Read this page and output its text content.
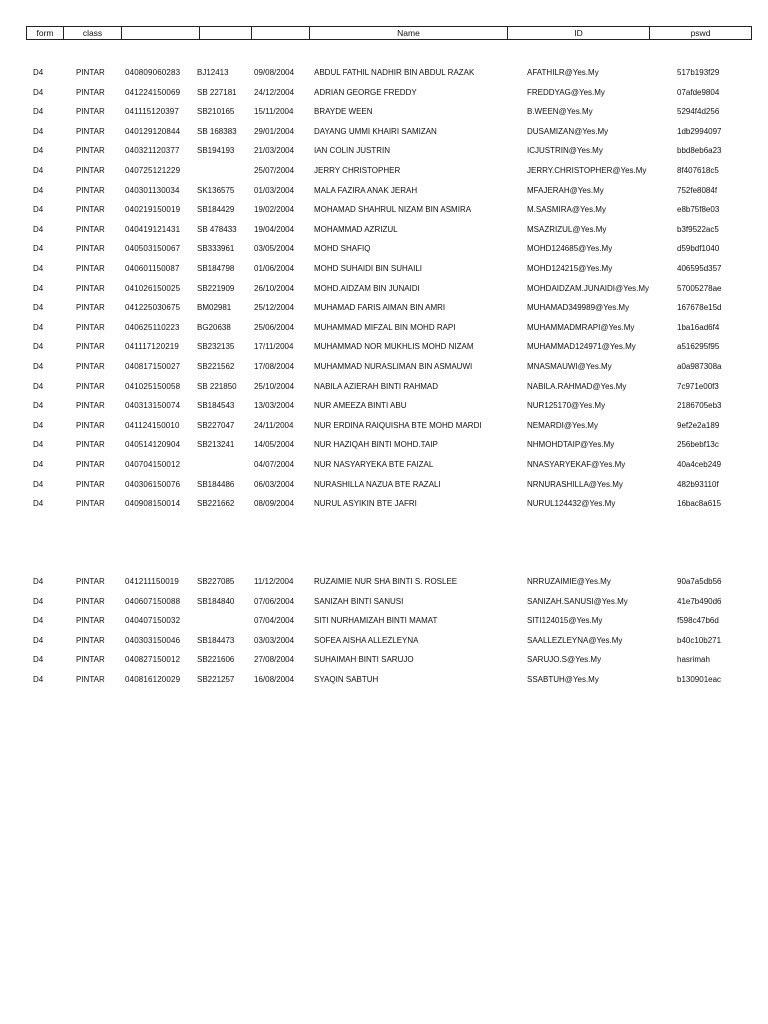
form	class				Name	ID	pswd
D4	PINTAR	040809060283 BJ12413	09/08/2004 ABDUL FATHIL NADHIR BIN ABDUL RAZAK	AFATHILR@Yes.My	517b193f29
D4	PINTAR	041224150069 SB 227181 24/12/2004 ADRIAN GEORGE FREDDY	FREDDYAG@Yes.My	07afde9804
D4	PINTAR	041115120397 SB210165 15/11/2004	BRAYDE WEEN	B.WEEN@Yes.My	5294f4d256
D4	PINTAR	040129120844 SB 168383 29/01/2004 DAYANG UMMI KHAIRI SAMIZAN	DUSAMIZAN@Yes.My	1db2994097
D4	PINTAR	040321120377 SB194193 21/03/2004 IAN COLIN JUSTRIN	ICJUSTRIN@Yes.My	bbd8eb6a23
D4	PINTAR	040725121229	25/07/2004 JERRY CHRISTOPHER	JERRY.CHRISTOPHER@Yes.My	8f407618c5
D4	PINTAR	040301130034 SK136575 01/03/2004 MALA FAZIRA ANAK JERAH	MFAJERAH@Yes.My	752fe8084f
D4	PINTAR	040219150019 SB184429 19/02/2004 MOHAMAD SHAHRUL NIZAM BIN ASMIRA	M.SASMIRA@Yes.My	e8b75f8e03
D4	PINTAR	040419121431 SB 478433 19/04/2004 MOHAMMAD AZRIZUL	MSAZRIZUL@Yes.My	b3f9522ac5
D4	PINTAR	040503150067 SB333961 03/05/2004 MOHD SHAFIQ	MOHD124685@Yes.My	d59bdf1040
D4	PINTAR	040601150087 SB184798 01/06/2004 MOHD SUHAIDI BIN SUHAILI	MOHD124215@Yes.My	406595d357
D4	PINTAR	041026150025 SB221909 26/10/2004 MOHD.AIDZAM BIN JUNAIDI	MOHDAIDZAM.JUNAIDI@Yes.My	57005278ae
D4	PINTAR	041225030675 BM02981	25/12/2004 MUHAMAD FARIS AIMAN BIN AMRI	MUHAMAD349989@Yes.My	167678e15d
D4	PINTAR	040625110223 BG20638	25/06/2004 MUHAMMAD MIFZAL BIN MOHD RAPI	MUHAMMADMRAPI@Yes.My	1ba16ad6f4
D4	PINTAR	041117120219 SB232135 17/11/2004	MUHAMMAD NOR MUKHLIS MOHD NIZAM	MUHAMMAD124971@Yes.My	a516295f95
D4	PINTAR	040817150027 SB221562 17/08/2004 MUHAMMAD NURASLIMAN BIN ASMAUWI	MNASMAUWI@Yes.My	a0a987308a
D4	PINTAR	041025150058 SB 221850 25/10/2004 NABILA AZIERAH BINTI RAHMAD	NABILA.RAHMAD@Yes.My	7c971e00f3
D4	PINTAR	040313150074 SB184543 13/03/2004 NUR AMEEZA BINTI ABU	NUR125170@Yes.My	2186705eb3
D4	PINTAR	041124150010 SB227047 24/11/2004	NUR ERDINA RAIQUISHA BTE MOHD MARDI	NEMARDI@Yes.My	9ef2e2a189
D4	PINTAR	040514120904 SB213241 14/05/2004 NUR HAZIQAH BINTI MOHD.TAIP	NHMOHDTAIP@Yes.My	256bebf13c
D4	PINTAR	040704150012	04/07/2004 NUR NASYARYEKA BTE FAIZAL	NNASYARYEKAF@Yes.My	40a4ceb249
D4	PINTAR	040306150076 SB184486 06/03/2004 NURASHILLA NAZUA BTE RAZALI	NRNURASHILLA@Yes.My	482b93110f
D4	PINTAR	040908150014 SB221662 08/09/2004 NURUL ASYIKIN BTE JAFRI	NURUL124432@Yes.My	16bac8a615
D4	PINTAR	041211150019 SB227085 11/12/2004	RUZAIMIE NUR SHA BINTI S. ROSLEE	NRRUZAIMIE@Yes.My	90a7a5db56
D4	PINTAR	040607150088 SB184840 07/06/2004 SANIZAH BINTI SANUSI	SANIZAH.SANUSI@Yes.My	41e7b490d6
D4	PINTAR	040407150032	07/04/2004 SITI NURHAMIZAH BINTI MAMAT	SITI124015@Yes.My	f598c47b6d
D4	PINTAR	040303150046 SB184473 03/03/2004 SOFEA AISHA ALLEZLEYNA	SAALLEZLEYNA@Yes.My	b40c10b271
D4	PINTAR	040827150012 SB221606 27/08/2004 SUHAIMAH BINTI SARUJO	SARUJO.S@Yes.My	hasrimah
D4	PINTAR	040816120029 SB221257 16/08/2004 SYAQIN SABTUH	SSABTUH@Yes.My	b130901eac
